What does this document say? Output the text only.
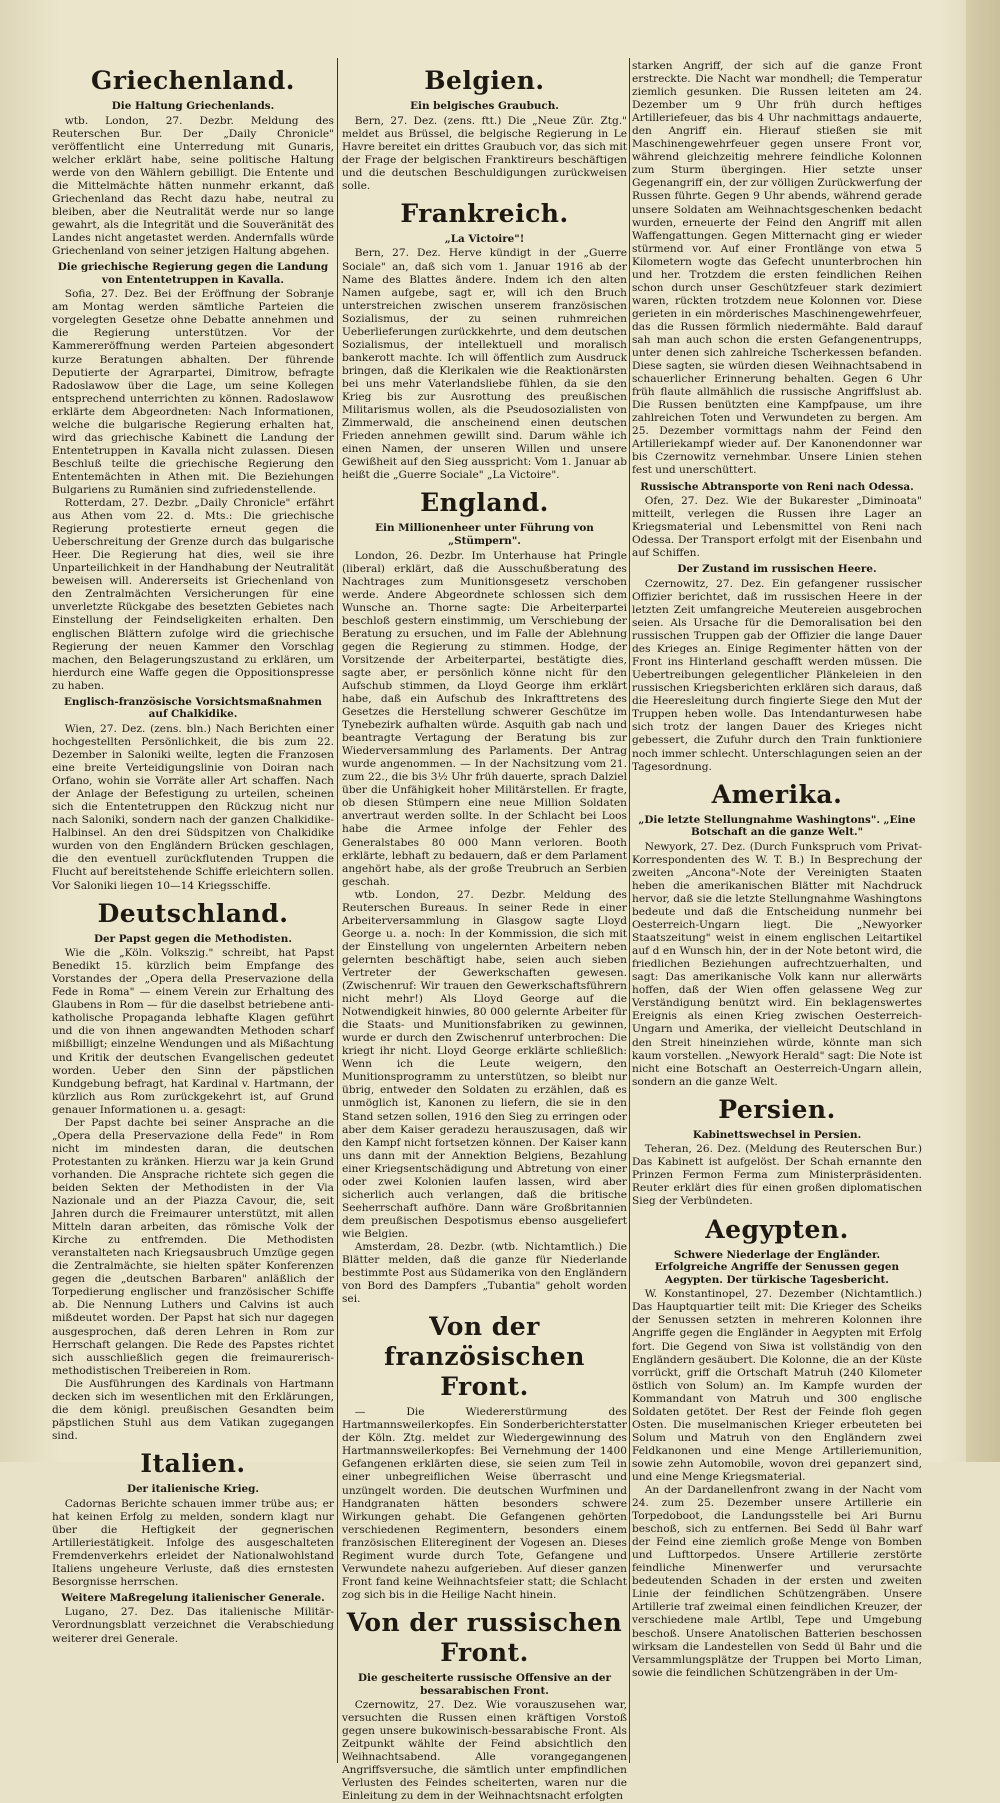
Griechenland.
Die Haltung Griechenlands.

wtb. London, 27. Dezbr. Meldung des Reuterschen Bur. Der „Daily Chronicle" veröffentlicht eine Unterredung mit Gunaris, welcher erklärt habe, seine politische Haltung werde von den Wählern gebilligt. Die Entente und die Mittelmächte hätten nunmehr erkannt, daß Griechenland das Recht dazu habe, neutral zu bleiben, aber die Neutralität werde nur so lange gewahrt, als die Integrität und die Souveränität des Landes nicht angetastet werden. Andernfalls würde Griechenland von seiner jetzigen Haltung abgehen.

Die griechische Regierung gegen die Landung von Ententetruppen in Kavalla.

Sofia, 27. Dez. Bei der Eröffnung der Sobranje am Montag werden sämtliche Parteien die vorgelegten Gesetze ohne Debatte annehmen und die Regierung unterstützen. Vor der Kammereröffnung werden Parteien abgesondert kurze Beratungen abhalten. Der führende Deputierte der Agrarpartei, Dimitrow, befragte Radoslawow über die Lage, um seine Kollegen entsprechend unterrichten zu können. Radoslawow erklärte dem Abgeordneten: Nach Informationen, welche die bulgarische Regierung erhalten hat, wird das griechische Kabinett die Landung der Ententetruppen in Kavalla nicht zulassen. Diesen Beschluß teilte die griechische Regierung den Ententemächten in Athen mit. Die Beziehungen Bulgariens zu Rumänien sind zufriedenstellende.

Rotterdam, 27. Dezbr. „Daily Chronicle" erfährt aus Athen vom 22. d. Mts.: Die griechische Regierung protestierte erneut gegen die Ueberschreitung der Grenze durch das bulgarische Heer. Die Regierung hat dies, weil sie ihre Unparteilichkeit in der Handhabung der Neutralität beweisen will. Andererseits ist Griechenland von den Zentralmächten Versicherungen für eine unverletzte Rückgabe des besetzten Gebietes nach Einstellung der Feindseligkeiten erhalten. Den englischen Blättern zufolge wird die griechische Regierung der neuen Kammer den Vorschlag machen, den Belagerungszustand zu erklären, um hierdurch eine Waffe gegen die Oppositionspresse zu haben.

Englisch-französische Vorsichtsmaßnahmen auf Chalkidike.

Wien, 27. Dez. (zens. bln.) Nach Berichten einer hochgestellten Persönlichkeit, die bis zum 22. Dezember in Saloniki weilte, legten die Franzosen eine breite Verteidigungslinie von Doiran nach Orfano, wohin sie Vorräte aller Art schaffen. Nach der Anlage der Befestigung zu urteilen, scheinen sich die Ententetruppen den Rückzug nicht nur nach Saloniki, sondern nach der ganzen Chalkidike-Halbinsel. An den drei Südspitzen von Chalkidike wurden von den Engländern Brücken geschlagen, die den eventuell zurückflutenden Truppen die Flucht auf bereitstehende Schiffe erleichtern sollen. Vor Saloniki liegen 10—14 Kriegsschiffe.

Deutschland.
Der Papst gegen die Methodisten.

Wie die „Köln. Volkszig." schreibt, hat Papst Benedikt 15. kürzlich beim Empfange des Vorstandes der „Opera della Preservazione della Fede in Roma" — einem Verein zur Erhaltung des Glaubens in Rom — für die daselbst betriebene anti-katholische Propaganda lebhafte Klagen geführt und die von ihnen angewandten Methoden scharf mißbilligt; einzelne Wendungen und als Mißachtung und Kritik der deutschen Evangelischen gedeutet worden. Ueber den Sinn der päpstlichen Kundgebung befragt, hat Kardinal v. Hartmann, der kürzlich aus Rom zurückgekehrt ist, auf Grund genauer Informationen u. a. gesagt:

Der Papst dachte bei seiner Ansprache an die „Opera della Preservazione della Fede" in Rom nicht im mindesten daran, die deutschen Protestanten zu kränken. Hierzu war ja kein Grund vorhanden. Die Ansprache richtete sich gegen die beiden Sekten der Methodisten in der Via Nazionale und an der Piazza Cavour, die, seit Jahren durch die Freimaurer unterstützt, mit allen Mitteln daran arbeiten, das römische Volk der Kirche zu entfremden. Die Methodisten veranstalteten nach Kriegsausbruch Umzüge gegen die Zentralmächte, sie hielten später Konferenzen gegen die „deutschen Barbaren" anläßlich der Torpedierung englischer und französischer Schiffe ab. Die Nennung Luthers und Calvins ist auch mißdeutet worden. Der Papst hat sich nur dagegen ausgesprochen, daß deren Lehren in Rom zur Herrschaft gelangen. Die Rede des Papstes richtet sich ausschließlich gegen die freimaurerisch-methodistischen Treibereien in Rom.

Die Ausführungen des Kardinals von Hartmann decken sich im wesentlichen mit den Erklärungen, die dem königl. preußischen Gesandten beim päpstlichen Stuhl aus dem Vatikan zugegangen sind.

Italien.
Der italienische Krieg.

Cadornas Berichte schauen immer trübe aus; er hat keinen Erfolg zu melden, sondern klagt nur über die Heftigkeit der gegnerischen Artilleriestätigkeit. Infolge des ausgeschalteten Fremdenverkehrs erleidet der Nationalwohlstand Italiens ungeheure Verluste, daß dies ernstesten Besorgnisse herrschen.

Weitere Maßregelung italienischer Generale.

Lugano, 27. Dez. Das italienische Militär-Verordnungsblatt verzeichnet die Verabschiedung weiterer drei Generale.

Belgien.
Ein belgisches Graubuch.

Bern, 27. Dez. (zens. ftt.) Die „Neue Zür. Ztg." meldet aus Brüssel, die belgische Regierung in Le Havre bereitet ein drittes Graubuch vor, das sich mit der Frage der belgischen Franktireurs beschäftigen und die deutschen Beschuldigungen zurückweisen solle.

Frankreich.
„La Victoire"!

Bern, 27. Dez. Herve kündigt in der „Guerre Sociale" an, daß sich vom 1. Januar 1916 ab der Name des Blattes ändere. Indem ich den alten Namen aufgebe, sagt er, will ich den Bruch unterstreichen zwischen unserem französischen Sozialismus, der zu seinen ruhmreichen Ueberlieferungen zurückkehrte, und dem deutschen Sozialismus, der intellektuell und moralisch bankerott machte. Ich will öffentlich zum Ausdruck bringen, daß die Klerikalen wie die Reaktionärsten bei uns mehr Vaterlandsliebe fühlen, da sie den Krieg bis zur Ausrottung des preußischen Militarismus wollen, als die Pseudosozialisten von Zimmerwald, die anscheinend einen deutschen Frieden annehmen gewillt sind. Darum wähle ich einen Namen, der unseren Willen und unsere Gewißheit auf den Sieg ausspricht: Vom 1. Januar ab heißt die „Guerre Sociale" „La Victoire".

England.
Ein Millionenheer unter Führung von „Stümpern".

London, 26. Dezbr. Im Unterhause hat Pringle (liberal) erklärt, daß die Ausschußberatung des Nachtrages zum Munitionsgesetz verschoben werde. Andere Abgeordnete schlossen sich dem Wunsche an. Thorne sagte: Die Arbeiterpartei beschloß gestern einstimmig, um Verschiebung der Beratung zu ersuchen, und im Falle der Ablehnung gegen die Regierung zu stimmen. Hodge, der Vorsitzende der Arbeiterpartei, bestätigte dies, sagte aber, er persönlich könne nicht für den Aufschub stimmen, da Lloyd George ihm erklärt habe, daß ein Aufschub des Inkrafttretens des Gesetzes die Herstellung schwerer Geschütze im Tynebezirk aufhalten würde. Asquith gab nach und beantragte Vertagung der Beratung bis zur Wiederversammlung des Parlaments. Der Antrag wurde angenommen. — In der Nachsitzung vom 21. zum 22., die bis 3½ Uhr früh dauerte, sprach Dalziel über die Unfähigkeit hoher Militärstellen. Er fragte, ob diesen Stümpern eine neue Million Soldaten anvertraut werden sollte. In der Schlacht bei Loos habe die Armee infolge der Fehler des Generalstabes 80 000 Mann verloren. Booth erklärte, lebhaft zu bedauern, daß er dem Parlament angehört habe, als der große Treubruch an Serbien geschah.

wtb. London, 27. Dezbr. Meldung des Reuterschen Bureaus. In seiner Rede in einer Arbeiterversammlung in Glasgow sagte Lloyd George u. a. noch: In der Kommission, die sich mit der Einstellung von ungelernten Arbeitern neben gelernten beschäftigt habe, seien auch sieben Vertreter der Gewerkschaften gewesen. (Zwischenruf: Wir trauen den Gewerkschaftsführern nicht mehr!) Als Lloyd George auf die Notwendigkeit hinwies, 80 000 gelernte Arbeiter für die Staats- und Munitionsfabriken zu gewinnen, wurde er durch den Zwischenruf unterbrochen: Die kriegt ihr nicht. Lloyd George erklärte schließlich: Wenn ich die Leute weigern, den Munitionsprogramm zu unterstützen, so bleibt nur übrig, entweder den Soldaten zu erzählen, daß es unmöglich ist, Kanonen zu liefern, die sie in den Stand setzen sollen, 1916 den Sieg zu erringen oder aber dem Kaiser geradezu herauszusagen, daß wir den Kampf nicht fortsetzen können. Der Kaiser kann uns dann mit der Annektion Belgiens, Bezahlung einer Kriegsentschädigung und Abtretung von einer oder zwei Kolonien laufen lassen, wird aber sicherlich auch verlangen, daß die britische Seeherrschaft aufhöre. Dann wäre Großbritannien dem preußischen Despotismus ebenso ausgeliefert wie Belgien.

Amsterdam, 28. Dezbr. (wtb. Nichtamtlich.) Die Blätter melden, daß die ganze für Niederlande bestimmte Post aus Südamerika von den Engländern von Bord des Dampfers „Tubantia" geholt worden sei.

Von der französischen Front.

— Die Wiedererstürmung des Hartmannsweilerkopfes. Ein Sonderberichterstatter der Köln. Ztg. meldet zur Wiedergewinnung des Hartmannsweilerkopfes: Bei Vernehmung der 1400 Gefangenen erklärten diese, sie seien zum Teil in einer unbegreiflichen Weise überrascht und unzüngelt worden. Die deutschen Wurfminen und Handgranaten hätten besonders schwere Wirkungen gehabt. Die Gefangenen gehörten verschiedenen Regimentern, besonders einem französischen Elitereginent der Vogesen an. Dieses Regiment wurde durch Tote, Gefangene und Verwundete nahezu aufgerieben. Auf dieser ganzen Front fand keine Weihnachtsfeier statt; die Schlacht zog sich bis in die Heilige Nacht hinein.

Von der russischen Front.
Die gescheiterte russische Offensive an der bessarabischen Front.

Czernowitz, 27. Dez. Wie vorauszusehen war, versuchten die Russen einen kräftigen Vorstoß gegen unsere bukowinisch-bessarabische Front. Als Zeitpunkt wählte der Feind absichtlich den Weihnachtsabend. Alle vorangegangenen Angriffsversuche, die sämtlich unter empfindlichen Verlusten des Feindes scheiterten, waren nur die Einleitung zu dem in der Weihnachtsnacht erfolgten

starken Angriff, der sich auf die ganze Front erstreckte. Die Nacht war mondhell; die Temperatur ziemlich gesunken. Die Russen leiteten am 24. Dezember um 9 Uhr früh durch heftiges Artilleriefeuer, das bis 4 Uhr nachmittags andauerte, den Angriff ein. Hierauf stießen sie mit Maschinengewehrfeuer gegen unsere Front vor, während gleichzeitig mehrere feindliche Kolonnen zum Sturm übergingen. Hier setzte unser Gegenangriff ein, der zur völligen Zurückwerfung der Russen führte. Gegen 9 Uhr abends, während gerade unsere Soldaten am Weihnachtsgeschenken bedacht wurden, erneuerte der Feind den Angriff mit allen Waffengattungen. Gegen Mitternacht ging er wieder stürmend vor. Auf einer Frontlänge von etwa 5 Kilometern wogte das Gefecht ununterbrochen hin und her. Trotzdem die ersten feindlichen Reihen schon durch unser Geschützfeuer stark dezimiert waren, rückten trotzdem neue Kolonnen vor. Diese gerieten in ein mörderisches Maschinengewehrfeuer, das die Russen förmlich niedermähte. Bald darauf sah man auch schon die ersten Gefangenentrupps, unter denen sich zahlreiche Tscherkessen befanden. Diese sagten, sie würden diesen Weihnachtsabend in schauerlicher Erinnerung behalten. Gegen 6 Uhr früh flaute allmählich die russische Angriffslust ab. Die Russen benützten eine Kampfpause, um ihre zahlreichen Toten und Verwundeten zu bergen. Am 25. Dezember vormittags nahm der Feind den Artilleriekampf wieder auf. Der Kanonendonner war bis Czernowitz vernehmbar. Unsere Linien stehen fest und unerschüttert.

Russische Abtransporte von Reni nach Odessa.

Ofen, 27. Dez. Wie der Bukarester „Diminoata" mitteilt, verlegen die Russen ihre Lager an Kriegsmaterial und Lebensmittel von Reni nach Odessa. Der Transport erfolgt mit der Eisenbahn und auf Schiffen.

Der Zustand im russischen Heere.

Czernowitz, 27. Dez. Ein gefangener russischer Offizier berichtet, daß im russischen Heere in der letzten Zeit umfangreiche Meutereien ausgebrochen seien. Als Ursache für die Demoralisation bei den russischen Truppen gab der Offizier die lange Dauer des Krieges an. Einige Regimenter hätten von der Front ins Hinterland geschafft werden müssen. Die Uebertreibungen gelegentlicher Plänkeleien in den russischen Kriegsberichten erklären sich daraus, daß die Heeresleitung durch fingierte Siege den Mut der Truppen heben wolle. Das Intendanturwesen habe sich trotz der langen Dauer des Krieges nicht gebessert, die Zufuhr durch den Train funktioniere noch immer schlecht. Unterschlagungen seien an der Tagesordnung.

Amerika.
„Die letzte Stellungnahme Washingtons". „Eine Botschaft an die ganze Welt."

Newyork, 27. Dez. (Durch Funkspruch vom Privat-Korrespondenten des W. T. B.) In Besprechung der zweiten „Ancona"-Note der Vereinigten Staaten heben die amerikanischen Blätter mit Nachdruck hervor, daß sie die letzte Stellungnahme Washingtons bedeute und daß die Entscheidung nunmehr bei Oesterreich-Ungarn liegt. Die „Newyorker Staatszeitung" weist in einem englischen Leitartikel auf d en Wunsch hin, der in der Note betont wird, die friedlichen Beziehungen aufrechtzuerhalten, und sagt: Das amerikanische Volk kann nur allerwärts hoffen, daß der Wien offen gelassene Weg zur Verständigung benützt wird. Ein beklagenswertes Ereignis als einen Krieg zwischen Oesterreich-Ungarn und Amerika, der vielleicht Deutschland in den Streit hineinziehen würde, könnte man sich kaum vorstellen. „Newyork Herald" sagt: Die Note ist nicht eine Botschaft an Oesterreich-Ungarn allein, sondern an die ganze Welt.

Persien.
Kabinettswechsel in Persien.

Teheran, 26. Dez. (Meldung des Reuterschen Bur.) Das Kabinett ist aufgelöst. Der Schah ernannte den Prinzen Fermon Ferma zum Ministerpräsidenten. Reuter erklärt dies für einen großen diplomatischen Sieg der Verbündeten.

Aegypten.
Schwere Niederlage der Engländer. Erfolgreiche Angriffe der Senussen gegen Aegypten. Der türkische Tagesbericht.

W. Konstantinopel, 27. Dezember (Nichtamtlich.) Das Hauptquartier teilt mit: Die Krieger des Scheiks der Senussen setzten in mehreren Kolonnen ihre Angriffe gegen die Engländer in Aegypten mit Erfolg fort. Die Gegend von Siwa ist vollständig von den Engländern gesäubert. Die Kolonne, die an der Küste vorrückt, griff die Ortschaft Matruh (240 Kilometer östlich von Solum) an. Im Kampfe wurden der Kommandant von Matruh und 300 englische Soldaten getötet. Der Rest der Feinde floh gegen Osten. Die muselmanischen Krieger erbeuteten bei Solum und Matruh von den Engländern zwei Feldkanonen und eine Menge Artilleriemunition, sowie zehn Automobile, wovon drei gepanzert sind, und eine Menge Kriegsmaterial.

An der Dardanellenfront zwang in der Nacht vom 24. zum 25. Dezember unsere Artillerie ein Torpedoboot, die Landungsstelle bei Ari Burnu beschoß, sich zu entfernen. Bei Sedd ül Bahr warf der Feind eine ziemlich große Menge von Bomben und Lufttorpedos. Unsere Artillerie zerstörte feindliche Minenwerfer und verursachte bedeutenden Schaden in der ersten und zweiten Linie der feindlichen Schützengräben. Unsere Artillerie traf zweimal einen feindlichen Kreuzer, der verschiedene male Artlbl, Tepe und Umgebung beschoß. Unsere Anatolischen Batterien beschossen wirksam die Landestellen von Sedd ül Bahr und die Versammlungsplätze der Truppen bei Morto Liman, sowie die feindlichen Schützengräben in der Um-
